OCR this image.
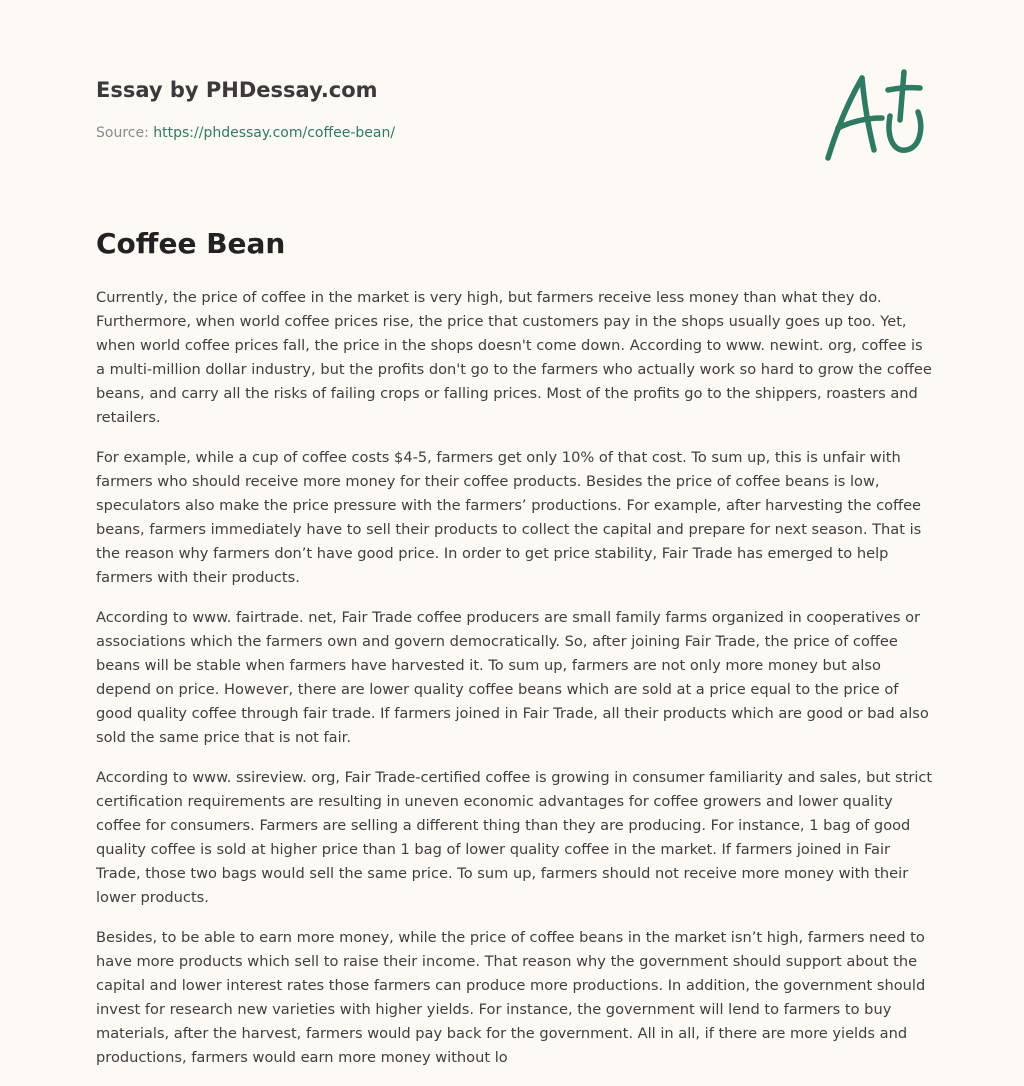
Essay by PHDessay.com
Source: https://phdessay.com/coffee-bean/
Coffee Bean

Currently, the price of coffee in the market is very high, but farmers receive less money than what they do. Furthermore, when world coffee prices rise, the price that customers pay in the shops usually goes up too. Yet, when world coffee prices fall, the price in the shops doesn't come down. According to www. newint. org, coffee is a multi-million dollar industry, but the profits don't go to the farmers who actually work so hard to grow the coffee beans, and carry all the risks of failing crops or falling prices. Most of the profits go to the shippers, roasters and retailers.

For example, while a cup of coffee costs $4-5, farmers get only 10% of that cost. To sum up, this is unfair with farmers who should receive more money for their coffee products. Besides the price of coffee beans is low, speculators also make the price pressure with the farmers’ productions. For example, after harvesting the coffee beans, farmers immediately have to sell their products to collect the capital and prepare for next season. That is the reason why farmers don’t have good price. In order to get price stability, Fair Trade has emerged to help farmers with their products.

According to www. fairtrade. net, Fair Trade coffee producers are small family farms organized in cooperatives or associations which the farmers own and govern democratically. So, after joining Fair Trade, the price of coffee beans will be stable when farmers have harvested it. To sum up, farmers are not only more money but also depend on price. However, there are lower quality coffee beans which are sold at a price equal to the price of good quality coffee through fair trade. If farmers joined in Fair Trade, all their products which are good or bad also sold the same price that is not fair.

According to www. ssireview. org, Fair Trade-certified coffee is growing in consumer familiarity and sales, but strict certification requirements are resulting in uneven economic advantages for coffee growers and lower quality coffee for consumers. Farmers are selling a different thing than they are producing. For instance, 1 bag of good quality coffee is sold at higher price than 1 bag of lower quality coffee in the market. If farmers joined in Fair Trade, those two bags would sell the same price. To sum up, farmers should not receive more money with their lower products.

Besides, to be able to earn more money, while the price of coffee beans in the market isn’t high, farmers need to have more products which sell to raise their income. That reason why the government should support about the capital and lower interest rates those farmers can produce more productions. In addition, the government should invest for research new varieties with higher yields. For instance, the government will lend to farmers to buy materials, after the harvest, farmers would pay back for the government. All in all, if there are more yields and productions, farmers would earn more money without lo
